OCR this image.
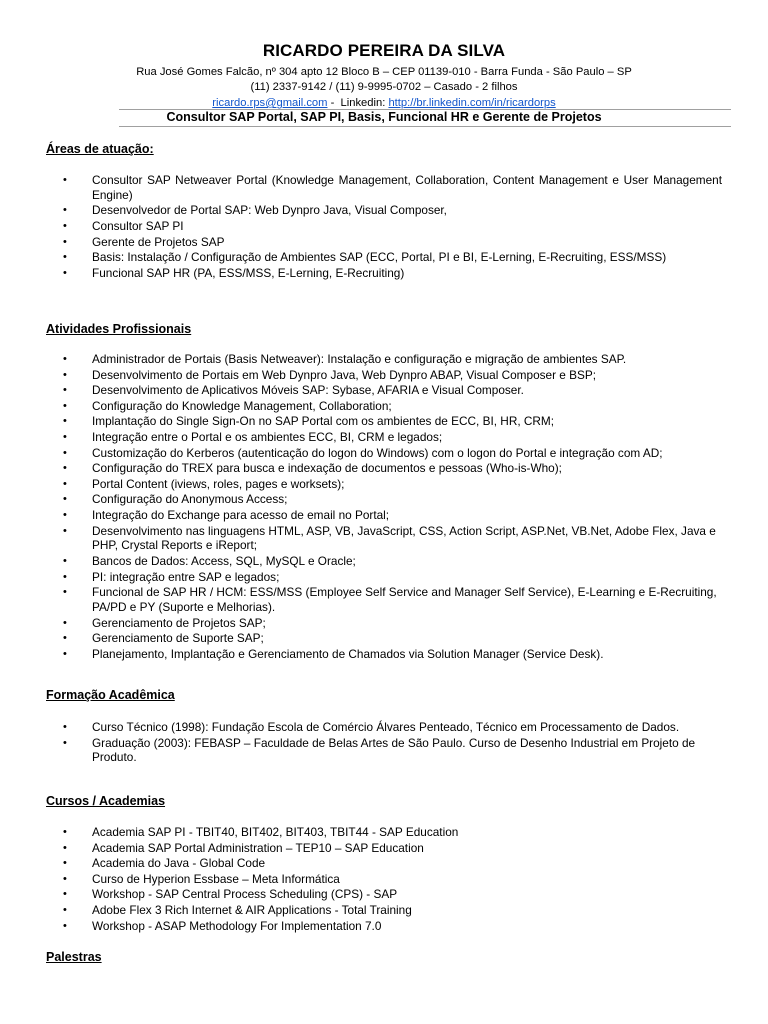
RICARDO PEREIRA DA SILVA
Rua José Gomes Falcão, nº 304 apto 12 Bloco B – CEP 01139-010 - Barra Funda - São Paulo – SP
(11) 2337-9142 / (11) 9-9995-0702 – Casado - 2 filhos
ricardo.rps@gmail.com -  Linkedin: http://br.linkedin.com/in/ricardorps
Consultor SAP Portal, SAP PI, Basis, Funcional HR e Gerente de Projetos
Áreas de atuação:
• Consultor SAP Netweaver Portal (Knowledge Management, Collaboration, Content Management e User Management Engine)
• Desenvolvedor de Portal SAP: Web Dynpro Java, Visual Composer,
• Consultor SAP PI
• Gerente de Projetos SAP
• Basis: Instalação / Configuração de Ambientes SAP (ECC, Portal, PI e BI, E-Lerning, E-Recruiting, ESS/MSS)
• Funcional SAP HR (PA, ESS/MSS, E-Lerning, E-Recruiting)
Atividades Profissionais
• Administrador de Portais (Basis Netweaver): Instalação e configuração e migração de ambientes SAP.
• Desenvolvimento de Portais em Web Dynpro Java, Web Dynpro ABAP, Visual Composer e BSP;
• Desenvolvimento de Aplicativos Móveis SAP: Sybase, AFARIA e Visual Composer.
• Configuração do Knowledge Management, Collaboration;
• Implantação do Single Sign-On no SAP Portal com os ambientes de ECC, BI, HR, CRM;
• Integração entre o Portal e os ambientes ECC, BI, CRM e legados;
• Customização do Kerberos (autenticação do logon do Windows) com o logon do Portal e integração com AD;
• Configuração do TREX para busca e indexação de documentos e pessoas (Who-is-Who);
• Portal Content (iviews, roles, pages e worksets);
• Configuração do Anonymous Access;
• Integração do Exchange para acesso de email no Portal;
• Desenvolvimento nas linguagens HTML, ASP, VB, JavaScript, CSS, Action Script, ASP.Net, VB.Net, Adobe Flex, Java e PHP, Crystal Reports e iReport;
• Bancos de Dados: Access, SQL, MySQL e Oracle;
• PI: integração entre SAP e legados;
• Funcional de SAP HR / HCM: ESS/MSS (Employee Self Service and Manager Self Service), E-Learning e E-Recruiting, PA/PD e PY (Suporte e Melhorias).
• Gerenciamento de Projetos SAP;
• Gerenciamento de Suporte SAP;
• Planejamento, Implantação e Gerenciamento de Chamados via Solution Manager (Service Desk).
Formação Acadêmica
• Curso Técnico (1998): Fundação Escola de Comércio Álvares Penteado, Técnico em Processamento de Dados.
• Graduação (2003): FEBASP – Faculdade de Belas Artes de São Paulo. Curso de Desenho Industrial em Projeto de Produto.
Cursos / Academias
• Academia SAP PI - TBIT40, BIT402, BIT403, TBIT44 - SAP Education
• Academia SAP Portal Administration – TEP10 – SAP Education
• Academia do Java - Global Code
• Curso de Hyperion Essbase – Meta Informática
• Workshop - SAP Central Process Scheduling (CPS) - SAP
• Adobe Flex 3 Rich Internet & AIR Applications - Total Training
• Workshop - ASAP Methodology For Implementation 7.0
Palestras
